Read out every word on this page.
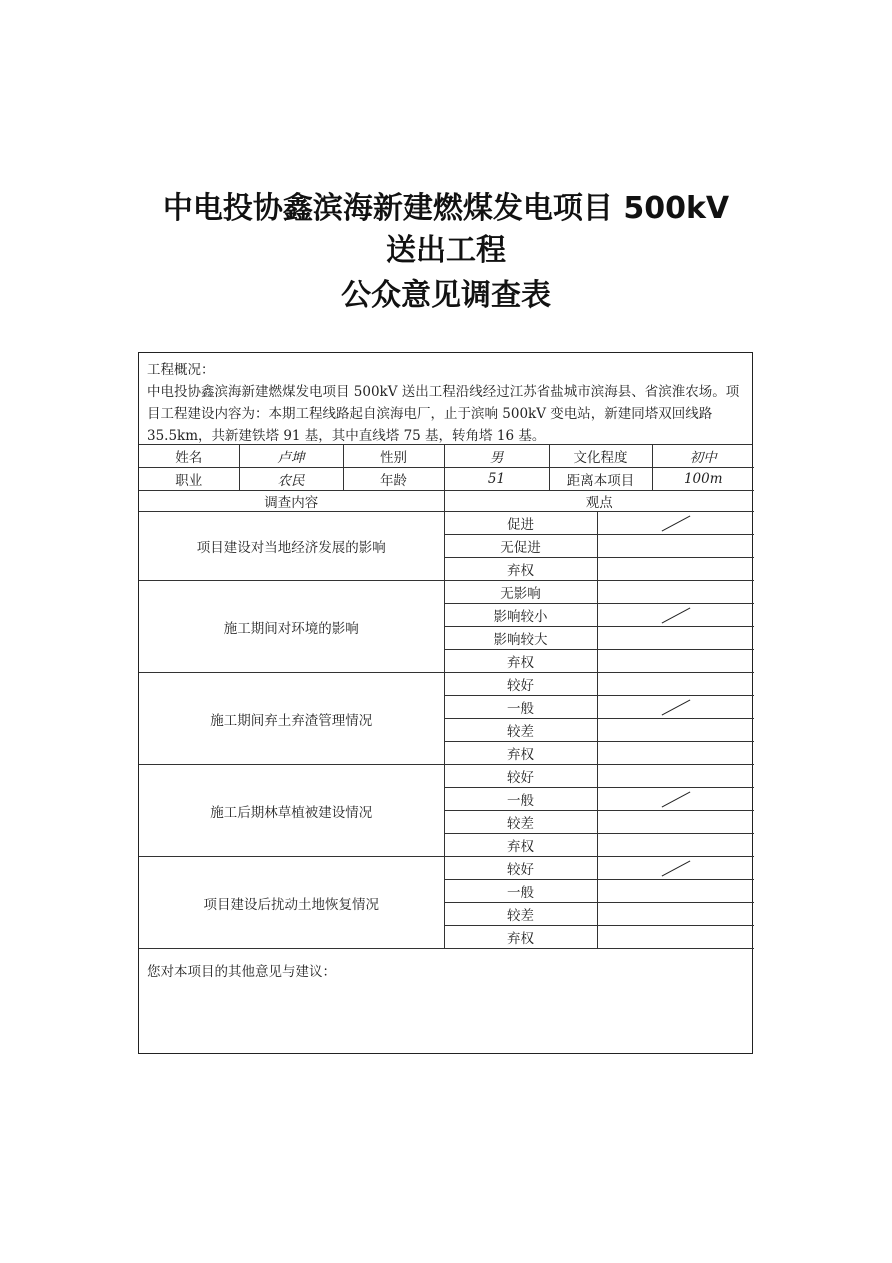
中电投协鑫滨海新建燃煤发电项目 500kV
送出工程
公众意见调查表
工程概况：
中电投协鑫滨海新建燃煤发电项目 500kV 送出工程沿线经过江苏省盐城市滨海县、省滨淮农场。项目工程建设内容为：本期工程线路起自滨海电厂，止于滨响 500kV 变电站，新建同塔双回线路 35.5km，共新建铁塔 91 基，其中直线塔 75 基，转角塔 16 基。
姓名	卢坤	性别	男	文化程度	初中
职业	农民	年龄	51	距离本项目	100m
调查内容	观点	
项目建设对当地经济发展的影响	促进	
	无促进	
	弃权	
施工期间对环境的影响	无影响	
	影响较小	
	影响较大	
	弃权	
施工期间弃土弃渣管理情况	较好	
	一般	
	较差	
	弃权	
施工后期林草植被建设情况	较好	
	一般	
	较差	
	弃权	
项目建设后扰动土地恢复情况	较好	
	一般	
	较差	
	弃权	
您对本项目的其他意见与建议：
